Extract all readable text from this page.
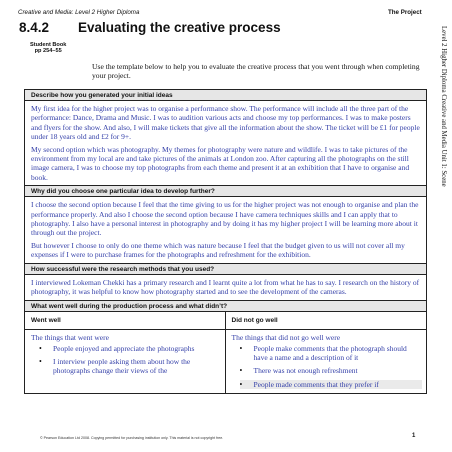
Creative and Media: Level 2 Higher Diploma	The Project
8.4.2 Evaluating the creative process
Student Book
pp 254–55
Use the template below to help you to evaluate the creative process that you went through when completing your project.
Describe how you generated your initial ideas

My first idea for the higher project was to organise a performance show. The performance will include all the three part of the performance: Dance, Drama and Music. I was to audition various acts and choose my top performances. I was to make posters and flyers for the show. And also, I will make tickets that give all the information about the show. The ticket will be £1 for people under 18 years old and £2 for 9+.

My second option which was photography. My themes for photography were nature and wildlife. I was to take pictures of the environment from my local are and take pictures of the animals at London zoo. After capturing all the photographs on the still image camera, I was to choose my top photographs from each theme and present it at an exhibition that I have to organise and book.

Why did you choose one particular idea to develop further?

I choose the second option because I feel that the time giving to us for the higher project was not enough to organise and plan the performance properly. And also I choose the second option because I have camera techniques skills and I can apply that to photography. I also have a personal interest in photography and by doing it has my higher project I will be learning more about it through out the project.

But however I choose to only do one theme which was nature because I feel that the budget given to us will not cover all my expenses if I were to purchase frames for the photographs and refreshment for the exhibition.

How successful were the research methods that you used?

I interviewed Lokeman Chekki has a primary research and I learnt quite a lot from what he has to say. I research on the history of photography, it was helpful to know how photography started and to see the development of the cameras.

What went well during the production process and what didn’t?
Went well
The things that went were
• People enjoyed and appreciate the photographs
• I interview people asking them about how the photographs change their views of the
Did not go well
The things that did not go well were
• People make comments that the photograph should have a name and a description of it
• There was not enough refreshment
• People made comments that they prefer if
Level 2 Higher Diploma Creative and Media Unit 1: Scene
© Pearson Education Ltd 2008. Copying permitted for purchasing institution only. This material is not copyright free.	1
